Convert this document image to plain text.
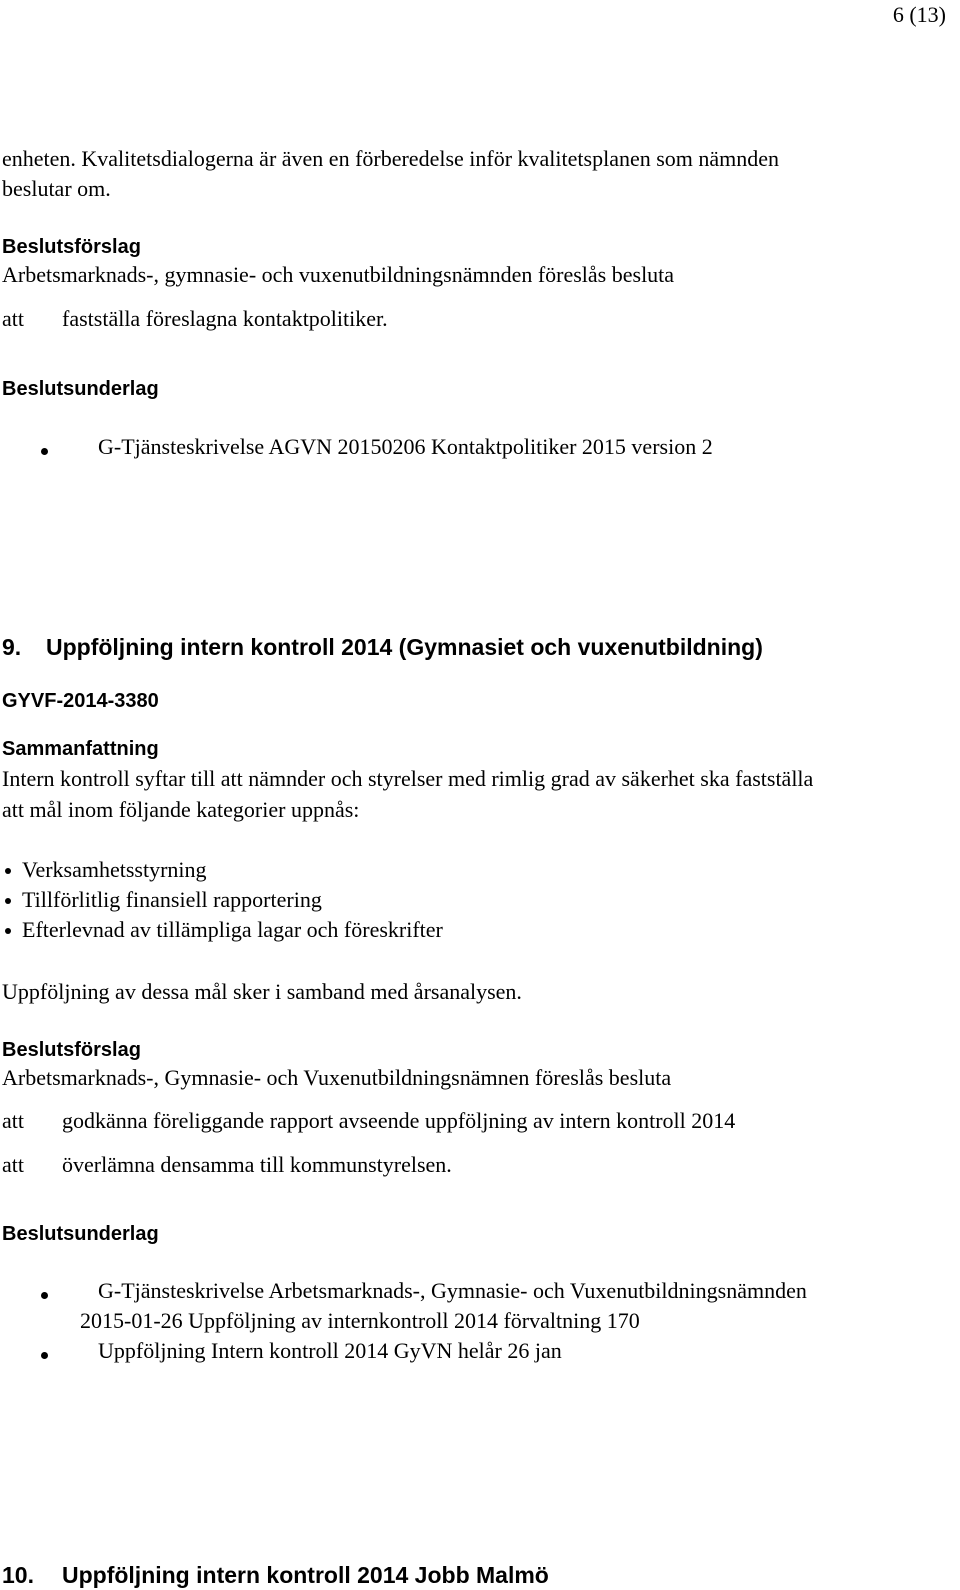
6 (13)
enheten. Kvalitetsdialogerna är även en förberedelse inför kvalitetsplanen som nämnden
beslutar om.
Beslutsförslag
Arbetsmarknads-, gymnasie- och vuxenutbildningsnämnden föreslås besluta
att fastställa föreslagna kontaktpolitiker.
Beslutsunderlag
G-Tjänsteskrivelse AGVN 20150206 Kontaktpolitiker 2015 version 2
9. Uppföljning intern kontroll 2014 (Gymnasiet och vuxenutbildning)
GYVF-2014-3380
Sammanfattning
Intern kontroll syftar till att nämnder och styrelser med rimlig grad av säkerhet ska fastställa
att mål inom följande kategorier uppnås:
Verksamhetsstyrning
Tillförlitlig finansiell rapportering
Efterlevnad av tillämpliga lagar och föreskrifter
Uppföljning av dessa mål sker i samband med årsanalysen.
Beslutsförslag
Arbetsmarknads-, Gymnasie- och Vuxenutbildningsnämnen föreslås besluta
att godkänna föreliggande rapport avseende uppföljning av intern kontroll 2014
att överlämna densamma till kommunstyrelsen.
Beslutsunderlag
G-Tjänsteskrivelse Arbetsmarknads-, Gymnasie- och Vuxenutbildningsnämnden
2015-01-26 Uppföljning av internkontroll 2014 förvaltning 170
Uppföljning Intern kontroll 2014 GyVN helår 26 jan
10. Uppföljning intern kontroll 2014 Jobb Malmö
